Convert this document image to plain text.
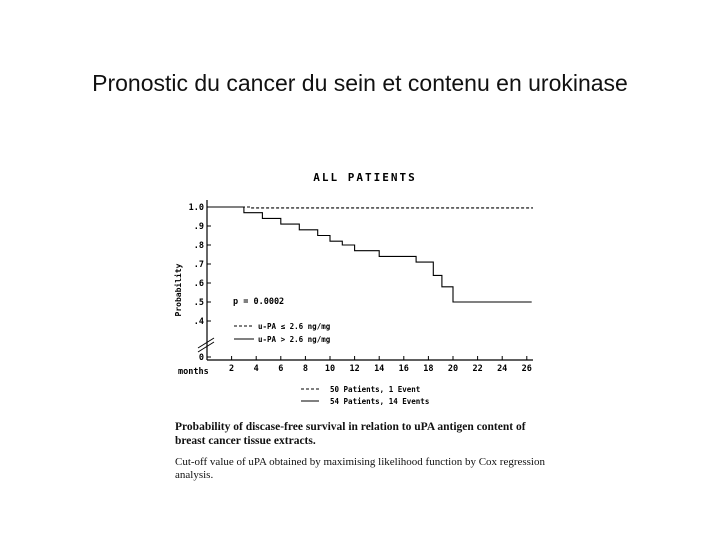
Pronostic du cancer du sein et contenu en urokinase
ALL PATIENTS
Probability
months
1.0
.9
.8
.7
.6
.5
.4
0
2 4 6 8 10 12 14 16 18 20 22 24 26
p = 0.0002
u-PA ≤ 2.6 ng/mg
u-PA > 2.6 ng/mg
50 Patients, 1 Event
54 Patients, 14 Events
Probability of discase-free survival in relation to uPA antigen content of breast cancer tissue extracts.
Cut-off value of uPA obtained by maximising likelihood function by Cox regression analysis.
